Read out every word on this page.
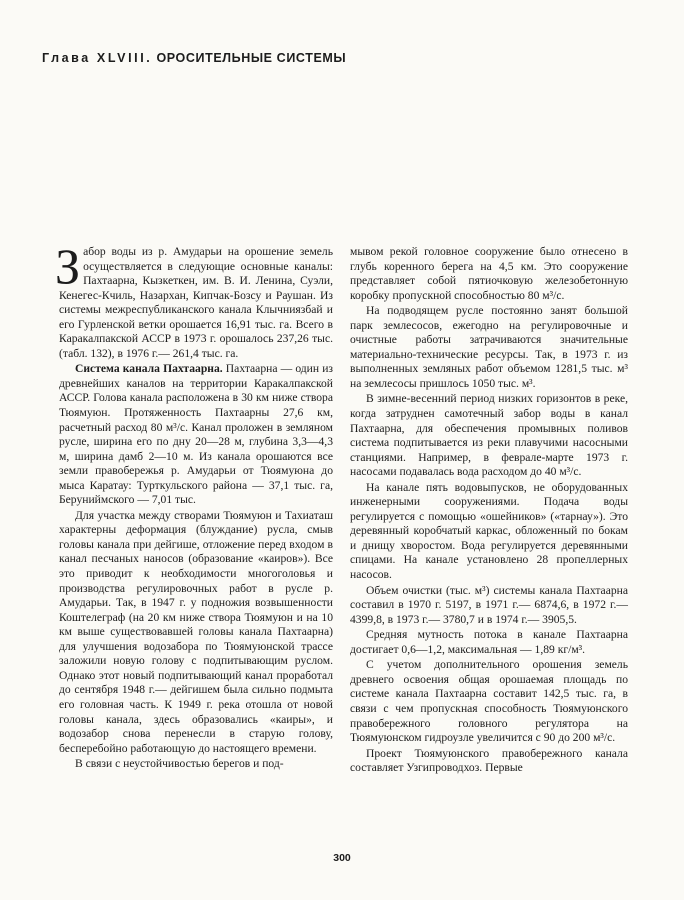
Глава XLVIII. ОРОСИТЕЛЬНЫЕ СИСТЕМЫ

Забор воды из р. Амударьи на орошение земель осуществляется в следующие основные каналы: Пахтаарна, Кызкеткен, им. В. И. Ленина, Суэли, Кенегес-Кчиль, Назархан, Кипчак-Бозсу и Раушан. Из системы межреспубликанского канала Клычниязбай и его Гурленской ветки орошается 16,91 тыс. га. Всего в Каракалпакской АССР в 1973 г. орошалось 237,26 тыс. (табл. 132), в 1976 г.— 261,4 тыс. га.

Система канала Пахтаарна. Пахтаарна — один из древнейших каналов на территории Каракалпакской АССР. Голова канала расположена в 30 км ниже створа Тюямуюн. Протяженность Пахтаарны 27,6 км, расчетный расход 80 м³/с. Канал проложен в земляном русле, ширина его по дну 20—28 м, глубина 3,3—4,3 м, ширина дамб 2—10 м. Из канала орошаются все земли правобережья р. Амударьи от Тюямуюна до мыса Каратау: Турткульского района — 37,1 тыс. га, Беруниймского — 7,01 тыс.

Для участка между створами Тюямуюн и Тахиаташ характерны деформация (блуждание) русла, смыв головы канала при дейгише, отложение перед входом в канал песчаных наносов (образование «каиров»). Все это приводит к необходимости многоголовья и производства регулировочных работ в русле р. Амударьи. Так, в 1947 г. у подножия возвышенности Коштелеграф (на 20 км ниже створа Тюямуюн и на 10 км выше существовавшей головы канала Пахтаарна) для улучшения водозабора по Тюямуюнской трассе заложили новую голову с подпитывающим руслом. Однако этот новый подпитывающий канал проработал до сентября 1948 г.— дейгишем была сильно подмыта его головная часть. К 1949 г. река отошла от новой головы канала, здесь образовались «каиры», и водозабор снова перенесли в старую голову, бесперебойно работающую до настоящего времени.

В связи с неустойчивостью берегов и под-

мывом рекой головное сооружение было отнесено в глубь коренного берега на 4,5 км. Это сооружение представляет собой пятиочковую железобетонную коробку пропускной способностью 80 м³/с.

На подводящем русле постоянно занят большой парк землесосов, ежегодно на регулировочные и очистные работы затрачиваются значительные материально-технические ресурсы. Так, в 1973 г. из выполненных земляных работ объемом 1281,5 тыс. м³ на землесосы пришлось 1050 тыс. м³.

В зимне-весенний период низких горизонтов в реке, когда затруднен самотечный забор воды в канал Пахтаарна, для обеспечения промывных поливов система подпитывается из реки плавучими насосными станциями. Например, в феврале-марте 1973 г. насосами подавалась вода расходом до 40 м³/с.

На канале пять водовыпусков, не оборудованных инженерными сооружениями. Подача воды регулируется с помощью «ошейников» («тарнау»). Это деревянный коробчатый каркас, обложенный по бокам и днищу хворостом. Вода регулируется деревянными спицами. На канале установлено 28 пропеллерных насосов.

Объем очистки (тыс. м³) системы канала Пахтаарна составил в 1970 г. 5197, в 1971 г.— 6874,6, в 1972 г.— 4399,8, в 1973 г.— 3780,7 и в 1974 г.— 3905,5.

Средняя мутность потока в канале Пахтаарна достигает 0,6—1,2, максимальная — 1,89 кг/м³.

С учетом дополнительного орошения земель древнего освоения общая орошаемая площадь по системе канала Пахтаарна составит 142,5 тыс. га, в связи с чем пропускная способность Тюямуюнского правобережного головного регулятора на Тюямуюнском гидроузле увеличится с 90 до 200 м³/с.

Проект Тюямуюнского правобережного канала составляет Узгипроводхоз. Первые

300
